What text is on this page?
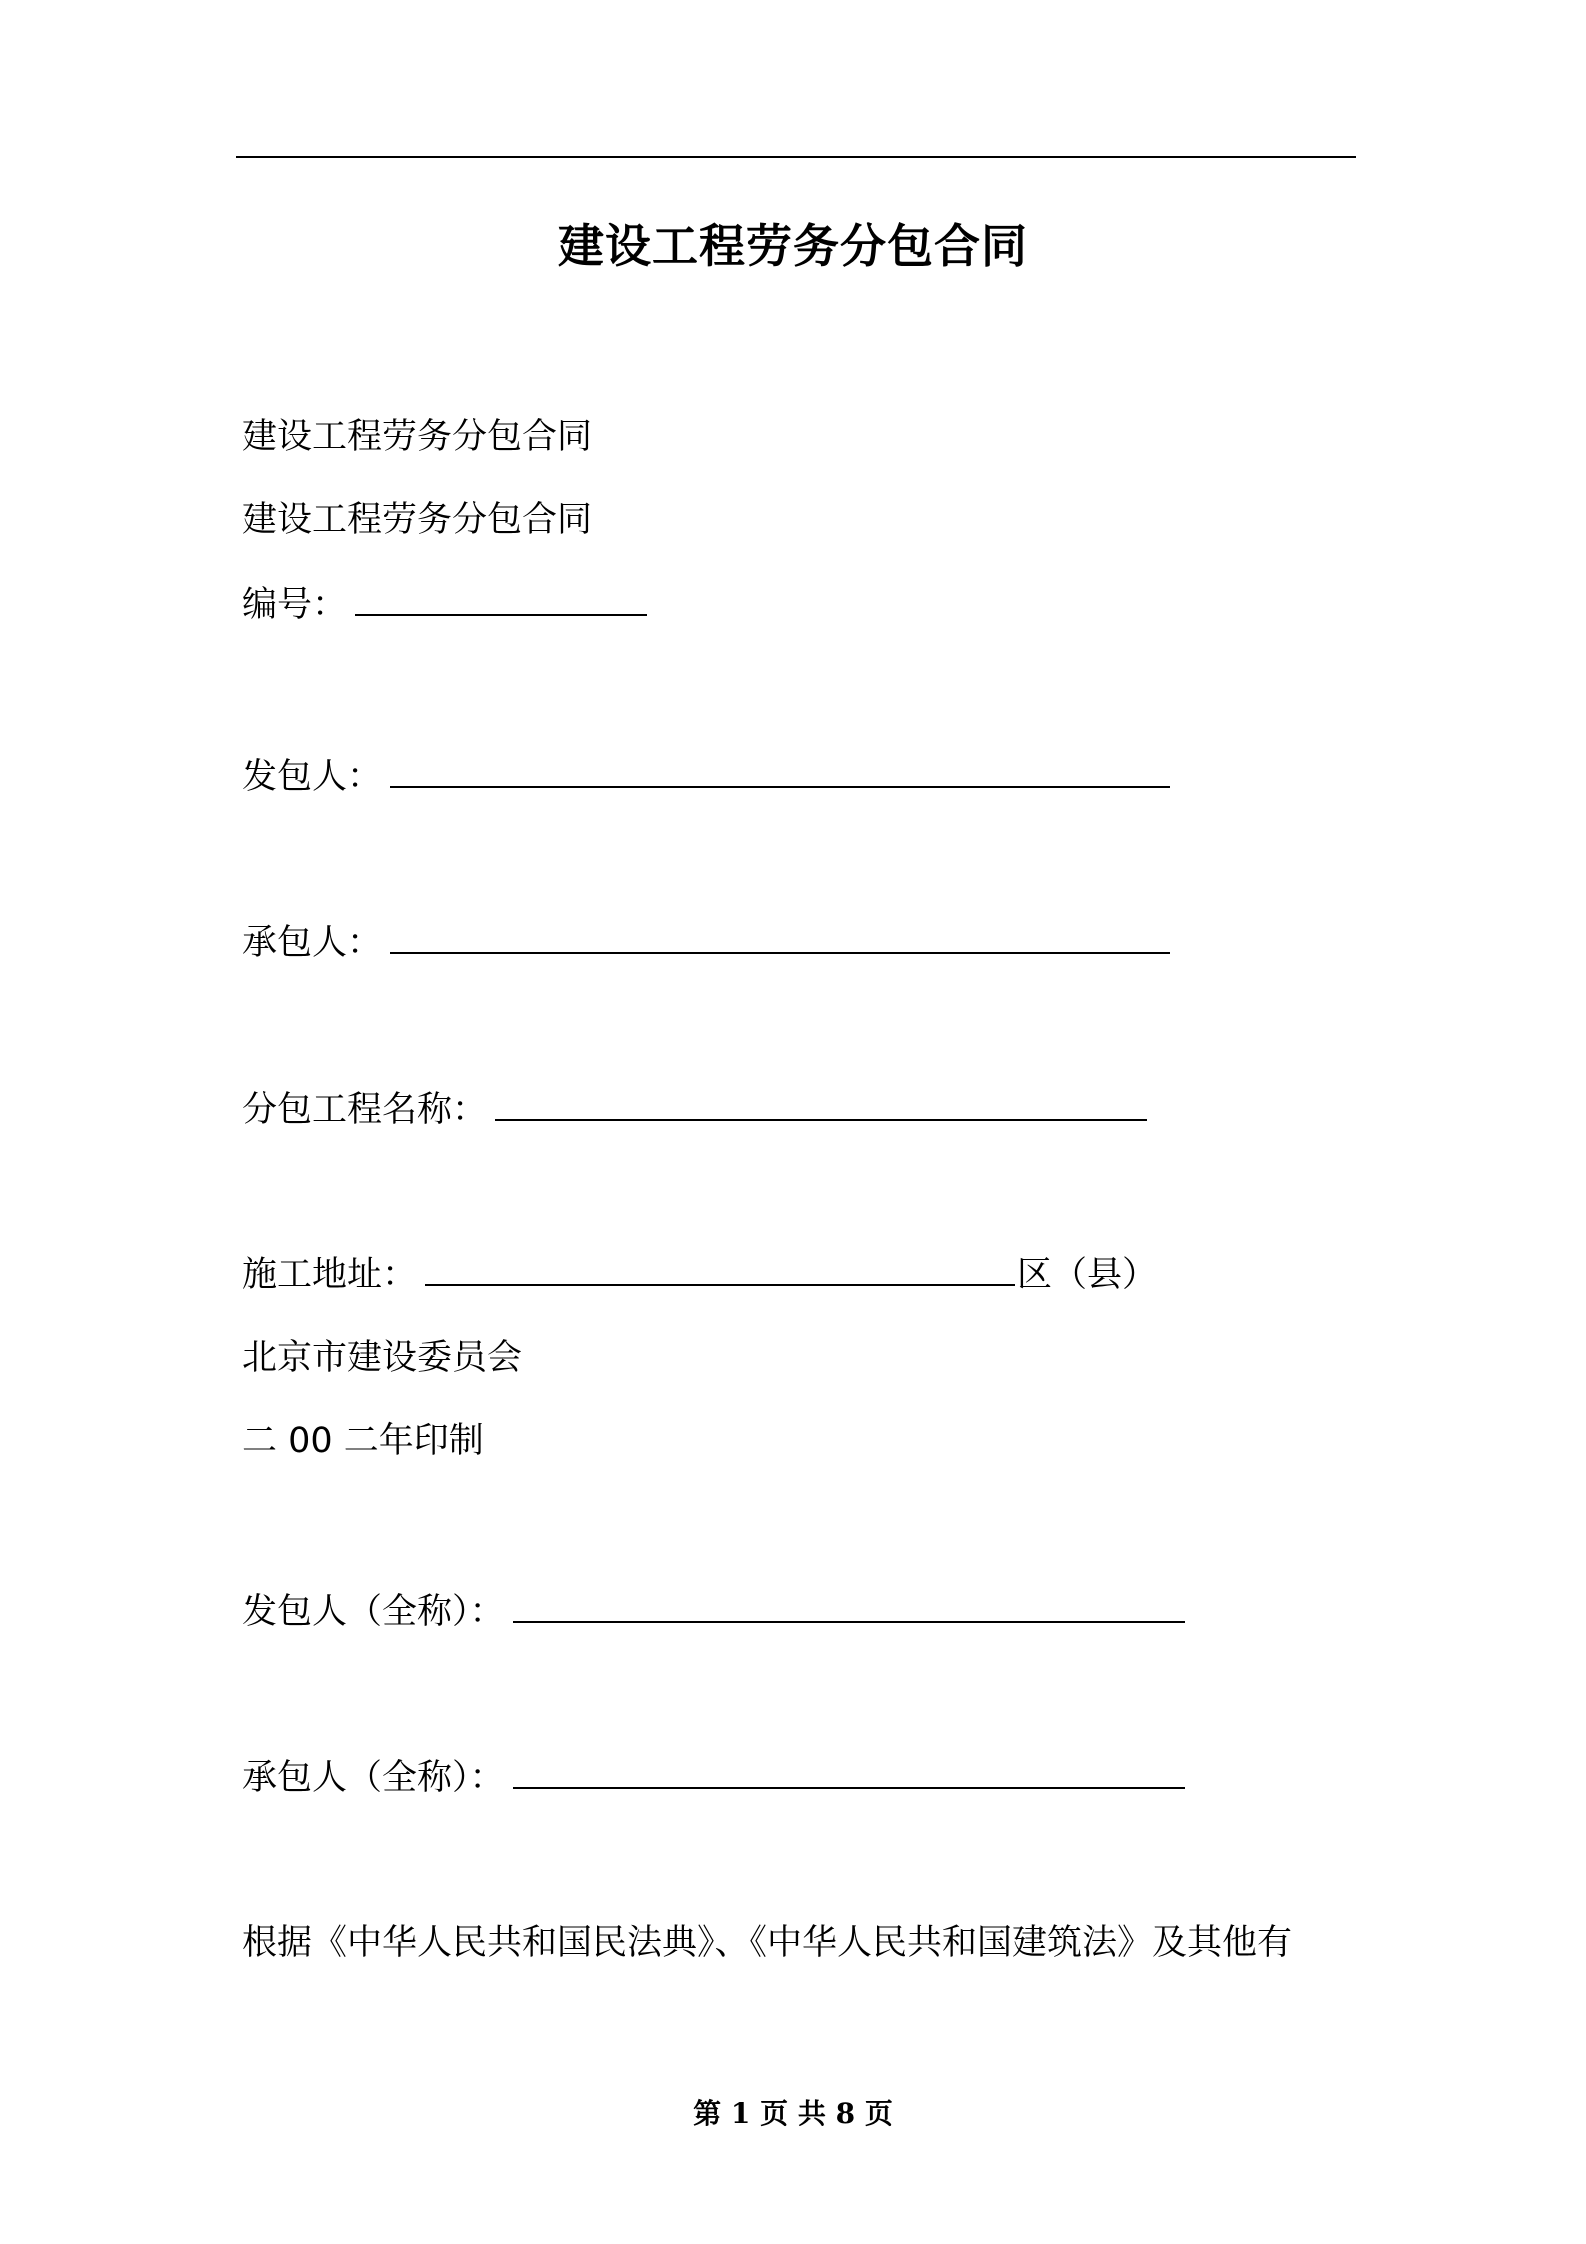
建设工程劳务分包合同
建设工程劳务分包合同
建设工程劳务分包合同
编号：
发包人：
承包人：
分包工程名称：
施工地址：	区（县）
北京市建设委员会
二 00 二年印制
发包人（全称）：
承包人（全称）：
根据《中华人民共和国民法典》、《中华人民共和国建筑法》及其他有
第 1 页 共 8 页
